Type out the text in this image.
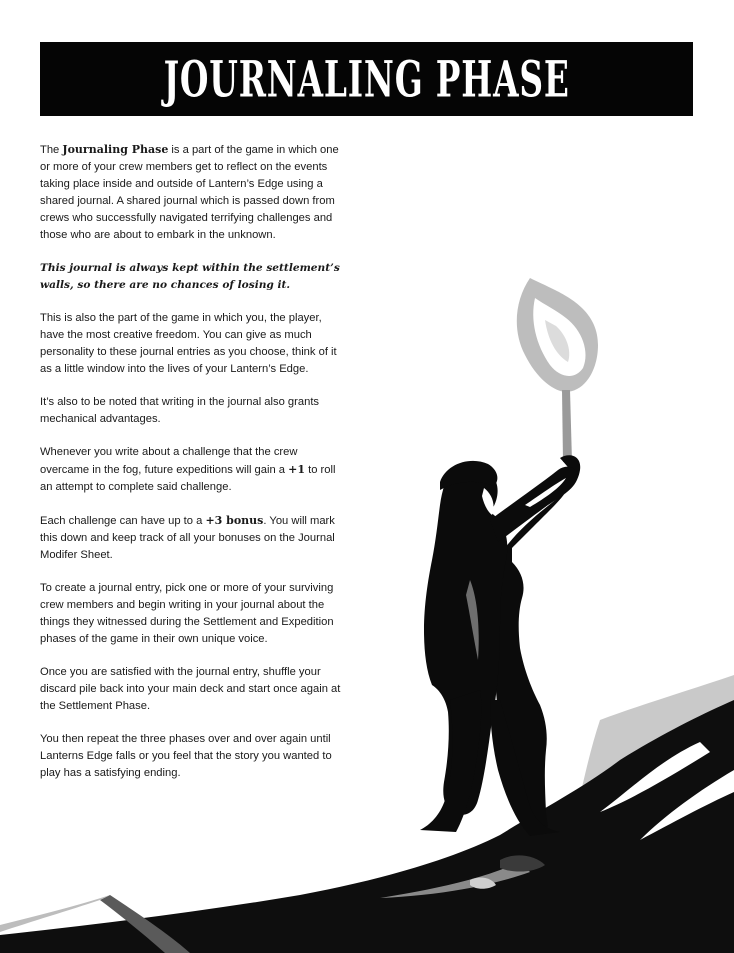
JOURNALING PHASE

The Journaling Phase is a part of the game in which one or more of your crew members get to reflect on the events taking place inside and outside of Lantern’s Edge using a shared journal. A shared journal which is passed down from crews who successfully navigated terrifying challenges and those who are about to embark in the unknown.

This journal is always kept within the settlement’s walls, so there are no chances of losing it.

This is also the part of the game in which you, the player, have the most creative freedom. You can give as much personality to these journal entries as you choose, think of it as a little window into the lives of your Lantern’s Edge.

It’s also to be noted that writing in the journal also grants mechanical advantages.

Whenever you write about a challenge that the crew overcame in the fog, future expeditions will gain a +1 to roll an attempt to complete said challenge.

Each challenge can have up to a +3 bonus. You will mark this down and keep track of all your bonuses on the Journal Modifer Sheet.

To create a journal entry, pick one or more of your surviving crew members and begin writing in your journal about the things they witnessed during the Settlement and Expedition phases of the game in their own unique voice.

Once you are satisfied with the journal entry, shuffle your discard pile back into your main deck and start once again at the Settlement Phase.

You then repeat the three phases over and over again until Lanterns Edge falls or you feel that the story you wanted to play has a satisfying ending.
